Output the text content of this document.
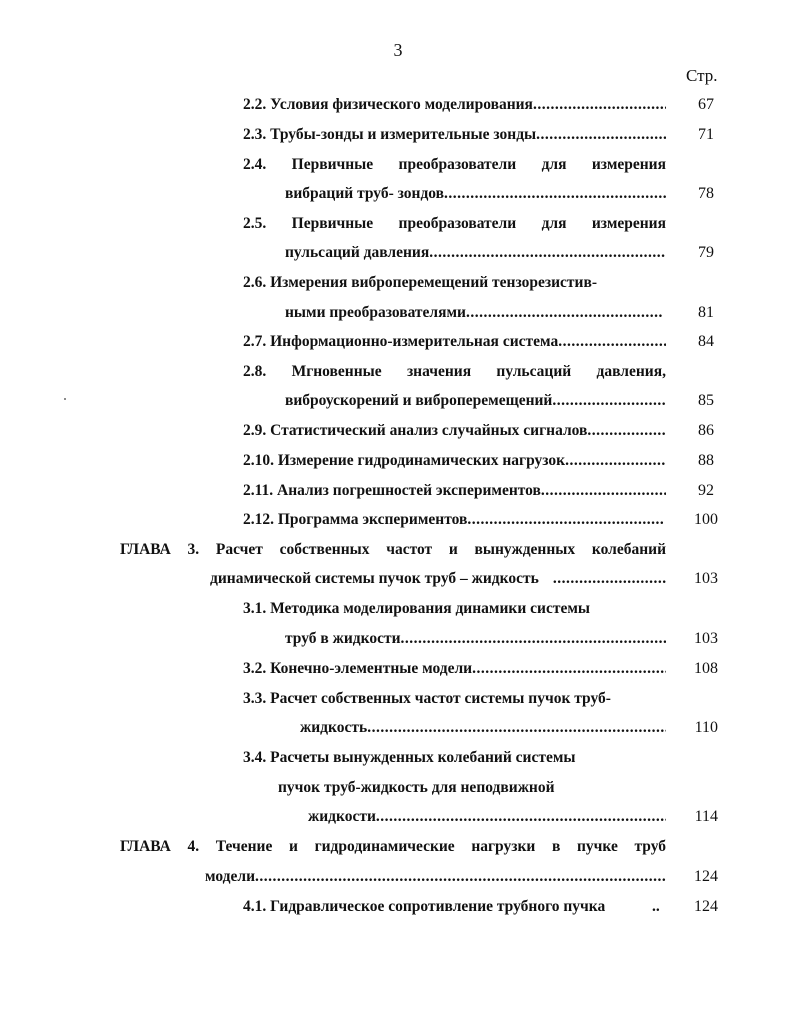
3
Стр.
2.2. Условия физического моделирования .....	67
2.3. Трубы-зонды и измерительные зонды .....	71
2.4. Первичные преобразователи для измерения
вибраций труб- зондов .....	78
2.5. Первичные преобразователи для измерения
пульсаций давления .....	79
2.6. Измерения виброперемещений тензорезистив-
ными преобразователями .....	81
2.7. Информационно-измерительная система .....	84
2.8. Мгновенные значения пульсаций давления,
виброускорений и виброперемещений .....	85
2.9. Статистический анализ случайных сигналов .....	86
2.10. Измерение гидродинамических нагрузок .....	88
2.11. Анализ погрешностей экспериментов .....	92
2.12. Программа экспериментов .....	100
ГЛАВА 3. Расчет собственных частот и вынужденных колебаний
динамической системы пучок труб – жидкость .....	103
3.1. Методика моделирования динамики системы
труб в жидкости .....	103
3.2. Конечно-элементные модели .....	108
3.3. Расчет собственных частот системы пучок труб-
жидкость .....	110
3.4. Расчеты вынужденных колебаний системы
пучок труб-жидкость для неподвижной
жидкости .....	114
ГЛАВА 4. Течение и гидродинамические нагрузки в пучке труб
модели .....	124
4.1. Гидравлическое сопротивление трубного пучка	..	124
